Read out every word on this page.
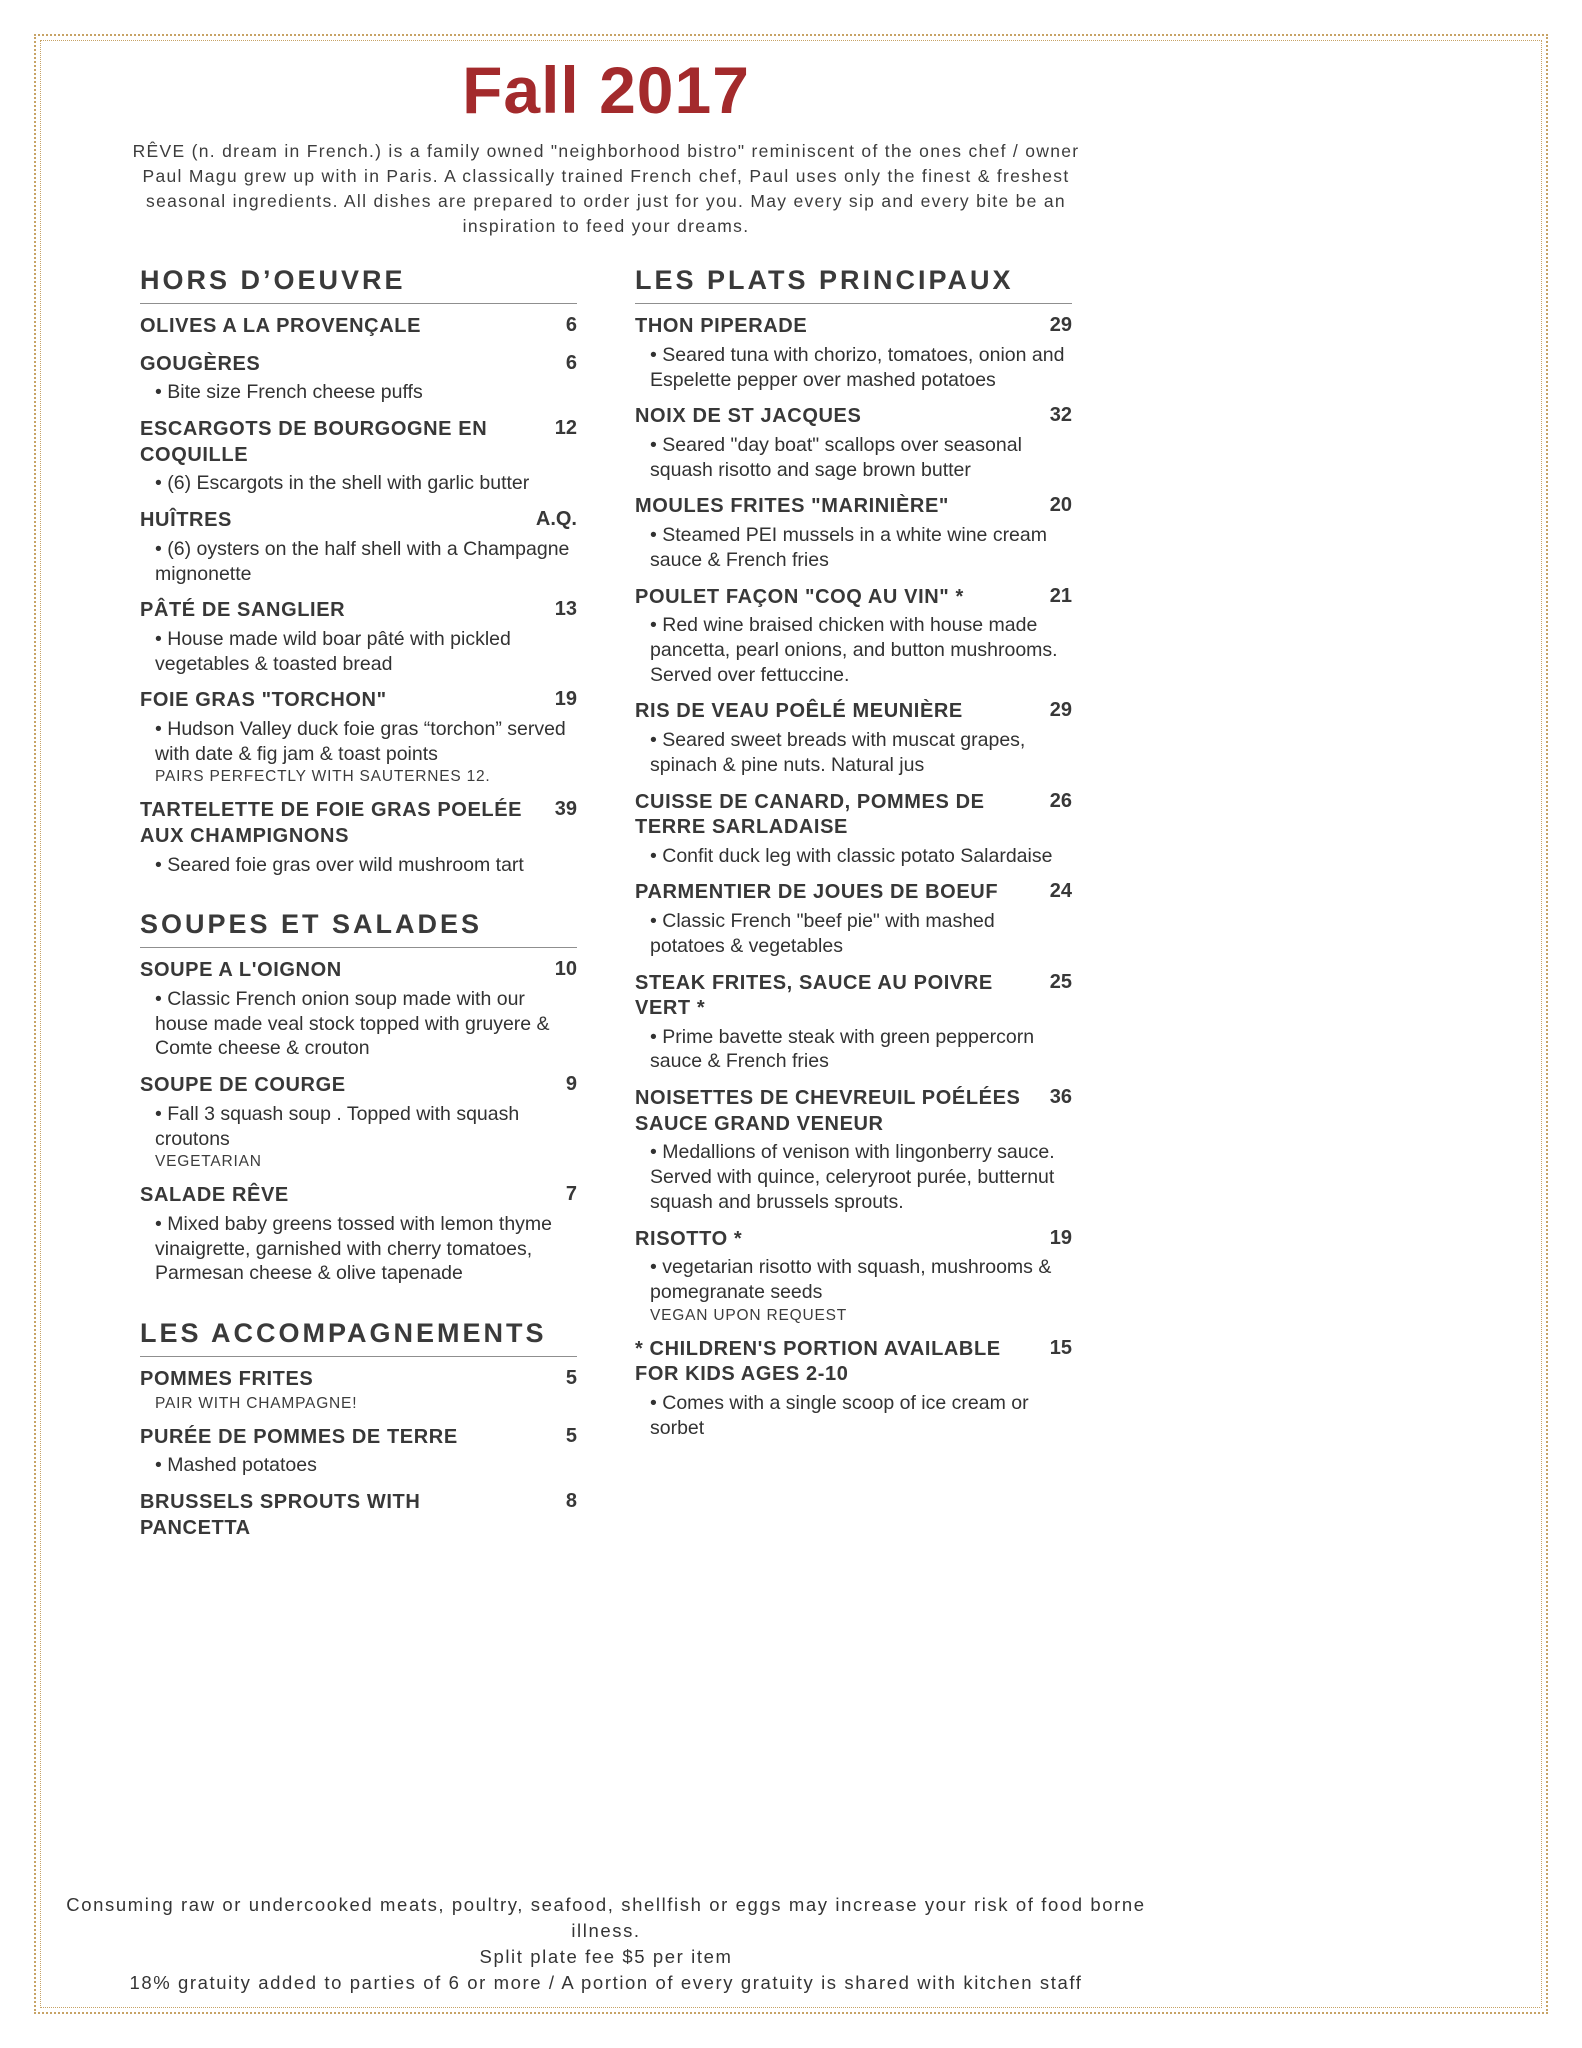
Fall 2017

RÊVE (n. dream in French.) is a family owned "neighborhood bistro" reminiscent of the ones chef / owner Paul Magu grew up with in Paris. A classically trained French chef, Paul uses only the finest & freshest seasonal ingredients. All dishes are prepared to order just for you. May every sip and every bite be an inspiration to feed your dreams.

HORS D’OEUVRE
OLIVES A LA PROVENÇALE	6
GOUGÈRES	6

• Bite size French cheese puffs

ESCARGOTS DE BOURGOGNE EN COQUILLE
12

• (6) Escargots in the shell with garlic butter

HUÎTRES	A.Q.

• (6) oysters on the half shell with a Champagne mignonette

PÂTÉ DE SANGLIER	13

• House made wild boar pâté with pickled vegetables & toasted bread

FOIE GRAS "TORCHON"	19

• Hudson Valley duck foie gras “torchon” served with date & fig jam & toast points

PAIRS PERFECTLY WITH SAUTERNES 12.

TARTELETTE DE FOIE GRAS POELÉE AUX CHAMPIGNONS
39

• Seared foie gras over wild mushroom tart

SOUPES ET SALADES
SOUPE A L'OIGNON	10

• Classic French onion soup made with our house made veal stock topped with gruyere & Comte cheese & crouton

SOUPE DE COURGE	9

• Fall 3 squash soup . Topped with squash croutons

VEGETARIAN

SALADE RÊVE	7

• Mixed baby greens tossed with lemon thyme vinaigrette, garnished with cherry tomatoes, Parmesan cheese & olive tapenade

LES ACCOMPAGNEMENTS
POMMES FRITES	5

PAIR WITH CHAMPAGNE!

PURÉE DE POMMES DE TERRE	5

• Mashed potatoes

BRUSSELS SPROUTS WITH PANCETTA
8
LES PLATS PRINCIPAUX
THON PIPERADE	29

• Seared tuna with chorizo, tomatoes, onion and Espelette pepper over mashed potatoes

NOIX DE ST JACQUES	32

• Seared "day boat" scallops over seasonal squash risotto and sage brown butter

MOULES FRITES "MARINIÈRE"	20

• Steamed PEI mussels in a white wine cream sauce & French fries

POULET FAÇON "COQ AU VIN" *	21

• Red wine braised chicken with house made pancetta, pearl onions, and button mushrooms. Served over fettuccine.

RIS DE VEAU POÊLÉ MEUNIÈRE	29

• Seared sweet breads with muscat grapes, spinach & pine nuts. Natural jus

CUISSE DE CANARD, POMMES DE TERRE SARLADAISE
26

• Confit duck leg with classic potato Salardaise

PARMENTIER DE JOUES DE BOEUF	24

• Classic French "beef pie" with mashed potatoes & vegetables

STEAK FRITES, SAUCE AU POIVRE VERT *
25

• Prime bavette steak with green peppercorn sauce & French fries

NOISETTES DE CHEVREUIL POÉLÉES SAUCE GRAND VENEUR
36

• Medallions of venison with lingonberry sauce. Served with quince, celeryroot purée, butternut squash and brussels sprouts.

RISOTTO *	19

• vegetarian risotto with squash, mushrooms & pomegranate seeds

VEGAN UPON REQUEST

* CHILDREN'S PORTION AVAILABLE FOR KIDS AGES 2-10
15

• Comes with a single scoop of ice cream or sorbet

Consuming raw or undercooked meats, poultry, seafood, shellfish or eggs may increase your risk of food borne illness.
Split plate fee $5 per item
18% gratuity added to parties of 6 or more / A portion of every gratuity is shared with kitchen staff
